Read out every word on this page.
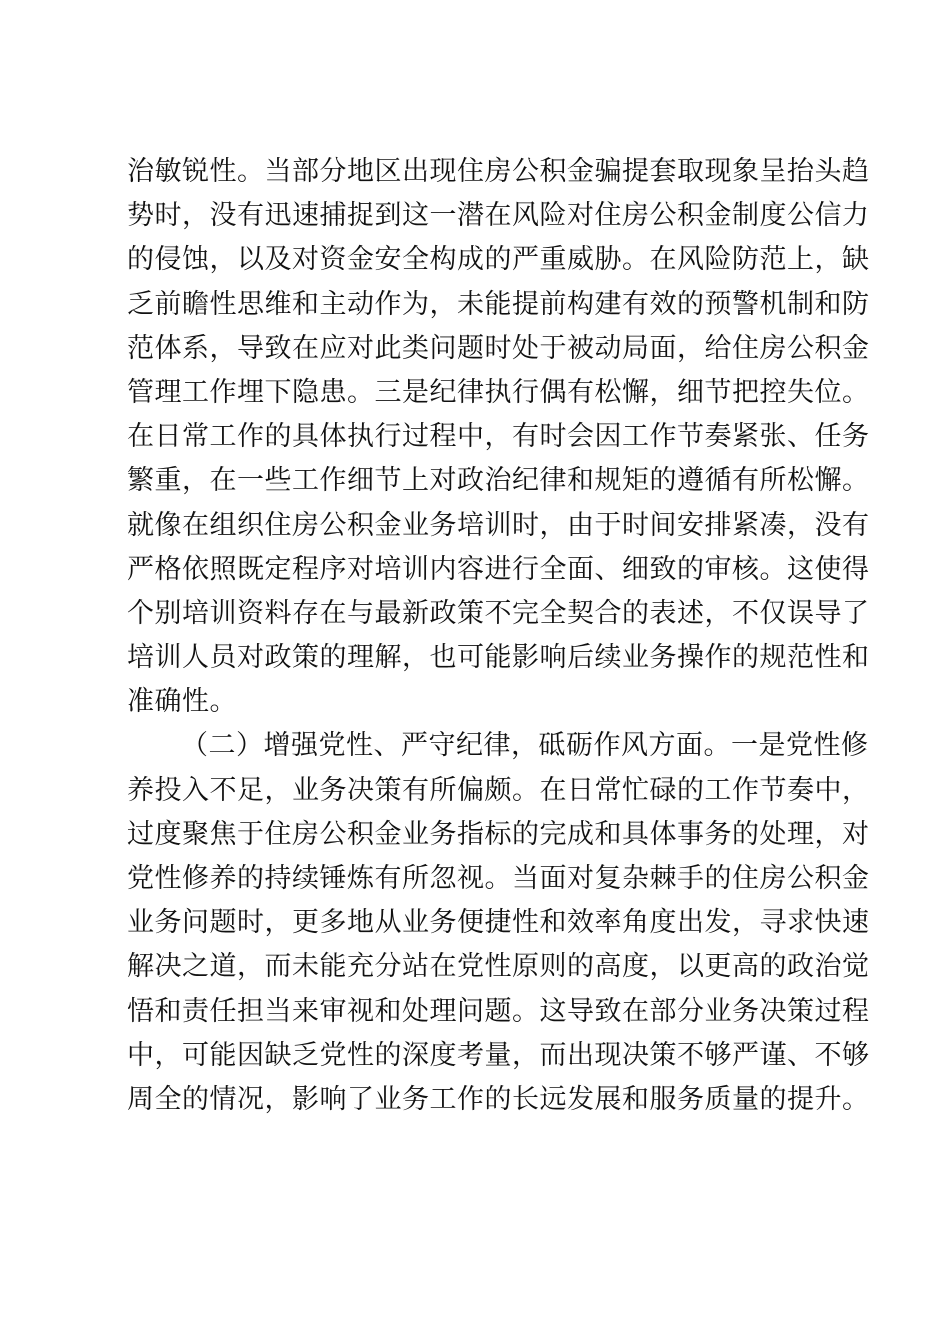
治敏锐性。当部分地区出现住房公积金骗提套取现象呈抬头趋
势时，没有迅速捕捉到这一潜在风险对住房公积金制度公信力
的侵蚀，以及对资金安全构成的严重威胁。在风险防范上，缺
乏前瞻性思维和主动作为，未能提前构建有效的预警机制和防
范体系，导致在应对此类问题时处于被动局面，给住房公积金
管理工作埋下隐患。三是纪律执行偶有松懈，细节把控失位。
在日常工作的具体执行过程中，有时会因工作节奏紧张、任务
繁重，在一些工作细节上对政治纪律和规矩的遵循有所松懈。
就像在组织住房公积金业务培训时，由于时间安排紧凑，没有
严格依照既定程序对培训内容进行全面、细致的审核。这使得
个别培训资料存在与最新政策不完全契合的表述，不仅误导了
培训人员对政策的理解，也可能影响后续业务操作的规范性和
准确性。
（二）增强党性、严守纪律，砥砺作风方面。一是党性修
养投入不足，业务决策有所偏颇。在日常忙碌的工作节奏中，
过度聚焦于住房公积金业务指标的完成和具体事务的处理，对
党性修养的持续锤炼有所忽视。当面对复杂棘手的住房公积金
业务问题时，更多地从业务便捷性和效率角度出发，寻求快速
解决之道，而未能充分站在党性原则的高度，以更高的政治觉
悟和责任担当来审视和处理问题。这导致在部分业务决策过程
中，可能因缺乏党性的深度考量，而出现决策不够严谨、不够
周全的情况，影响了业务工作的长远发展和服务质量的提升。
